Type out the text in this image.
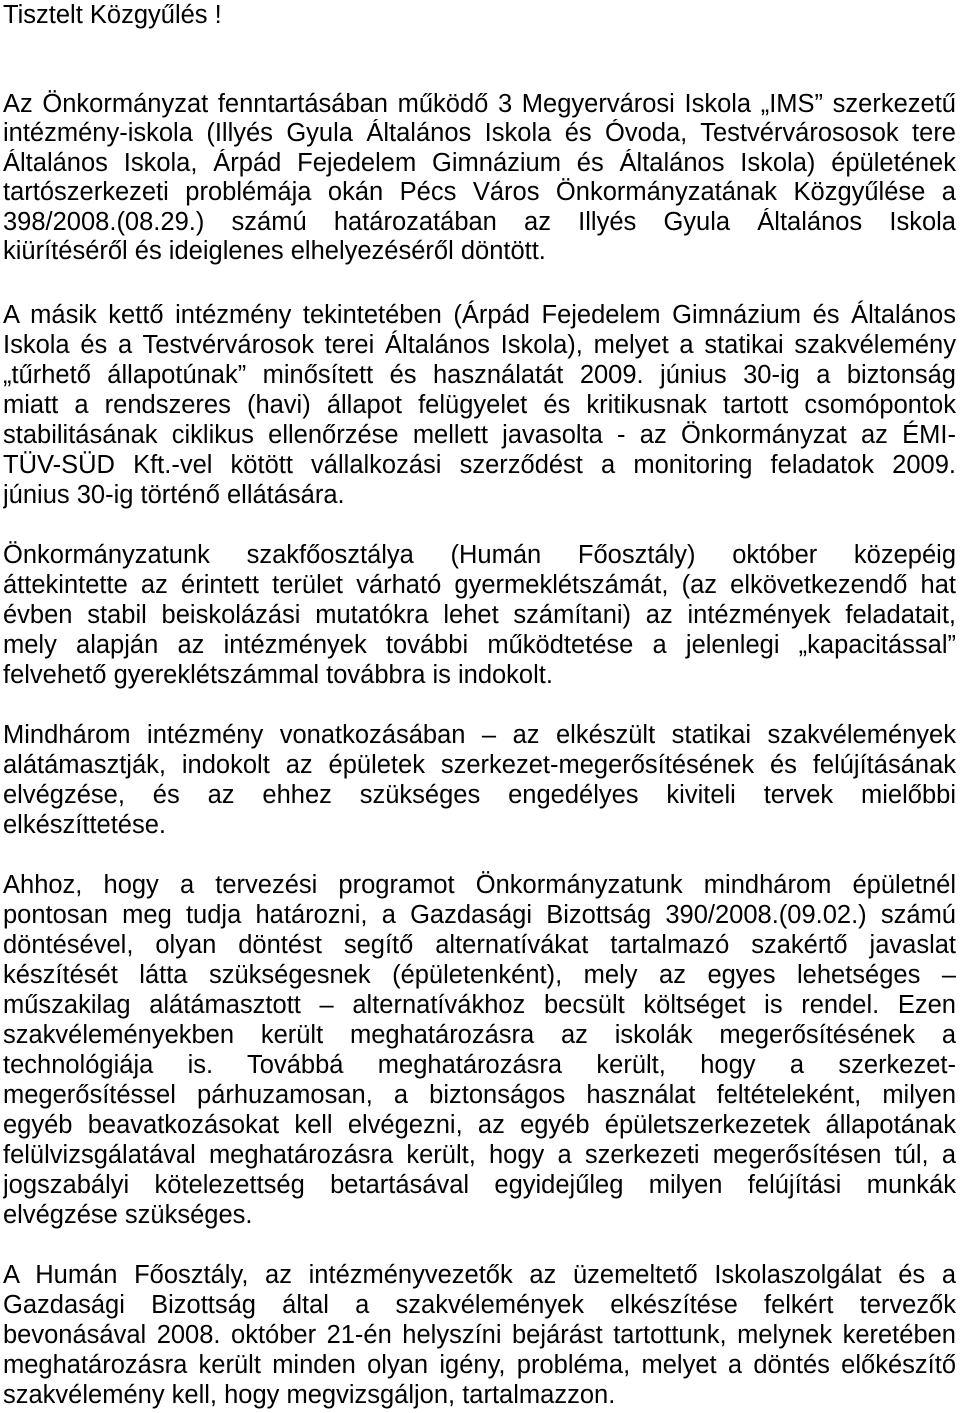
Tisztelt Közgyűlés !
Az Önkormányzat fenntartásában működő 3 Megyervárosi Iskola „IMS” szerkezetű
intézmény-iskola (Illyés Gyula Általános Iskola és Óvoda, Testvérvárososok tere
Általános Iskola, Árpád Fejedelem Gimnázium és Általános Iskola) épületének
tartószerkezeti problémája okán Pécs Város Önkormányzatának Közgyűlése a
398/2008.(08.29.) számú határozatában az Illyés Gyula Általános Iskola
kiürítéséről és ideiglenes elhelyezéséről döntött.
A másik kettő intézmény tekintetében (Árpád Fejedelem Gimnázium és Általános
Iskola és a Testvérvárosok terei Általános Iskola), melyet a statikai szakvélemény
„tűrhető állapotúnak” minősített és használatát 2009. június 30-ig a biztonság
miatt a rendszeres (havi) állapot felügyelet és kritikusnak tartott csomópontok
stabilitásának ciklikus ellenőrzése mellett javasolta - az Önkormányzat az ÉMI-
TÜV-SÜD Kft.-vel kötött vállalkozási szerződést a monitoring feladatok 2009.
június 30-ig történő ellátására.
Önkormányzatunk szakfőosztálya (Humán Főosztály) október közepéig
áttekintette az érintett terület várható gyermeklétszámát, (az elkövetkezendő hat
évben stabil beiskolázási mutatókra lehet számítani) az intézmények feladatait,
mely alapján az intézmények további működtetése a jelenlegi „kapacitással”
felvehető gyereklétszámmal továbbra is indokolt.
Mindhárom intézmény vonatkozásában – az elkészült statikai szakvélemények
alátámasztják, indokolt az épületek szerkezet-megerősítésének és felújításának
elvégzése, és az ehhez szükséges engedélyes kiviteli tervek mielőbbi
elkészíttetése.
Ahhoz, hogy a tervezési programot Önkormányzatunk mindhárom épületnél
pontosan meg tudja határozni, a Gazdasági Bizottság 390/2008.(09.02.) számú
döntésével, olyan döntést segítő alternatívákat tartalmazó szakértő javaslat
készítését látta szükségesnek (épületenként), mely az egyes lehetséges –
műszakilag alátámasztott – alternatívákhoz becsült költséget is rendel. Ezen
szakvéleményekben került meghatározásra az iskolák megerősítésének a
technológiája is. Továbbá meghatározásra került, hogy a szerkezet-
megerősítéssel párhuzamosan, a biztonságos használat feltételeként, milyen
egyéb beavatkozásokat kell elvégezni, az egyéb épületszerkezetek állapotának
felülvizsgálatával meghatározásra került, hogy a szerkezeti megerősítésen túl, a
jogszabályi kötelezettség betartásával egyidejűleg milyen felújítási munkák
elvégzése szükséges.
A Humán Főosztály, az intézményvezetők az üzemeltető Iskolaszolgálat és a
Gazdasági Bizottság által a szakvélemények elkészítése felkért tervezők
bevonásával 2008. október 21-én helyszíni bejárást tartottunk, melynek keretében
meghatározásra került minden olyan igény, probléma, melyet a döntés előkészítő
szakvélemény kell, hogy megvizsgáljon, tartalmazzon.
